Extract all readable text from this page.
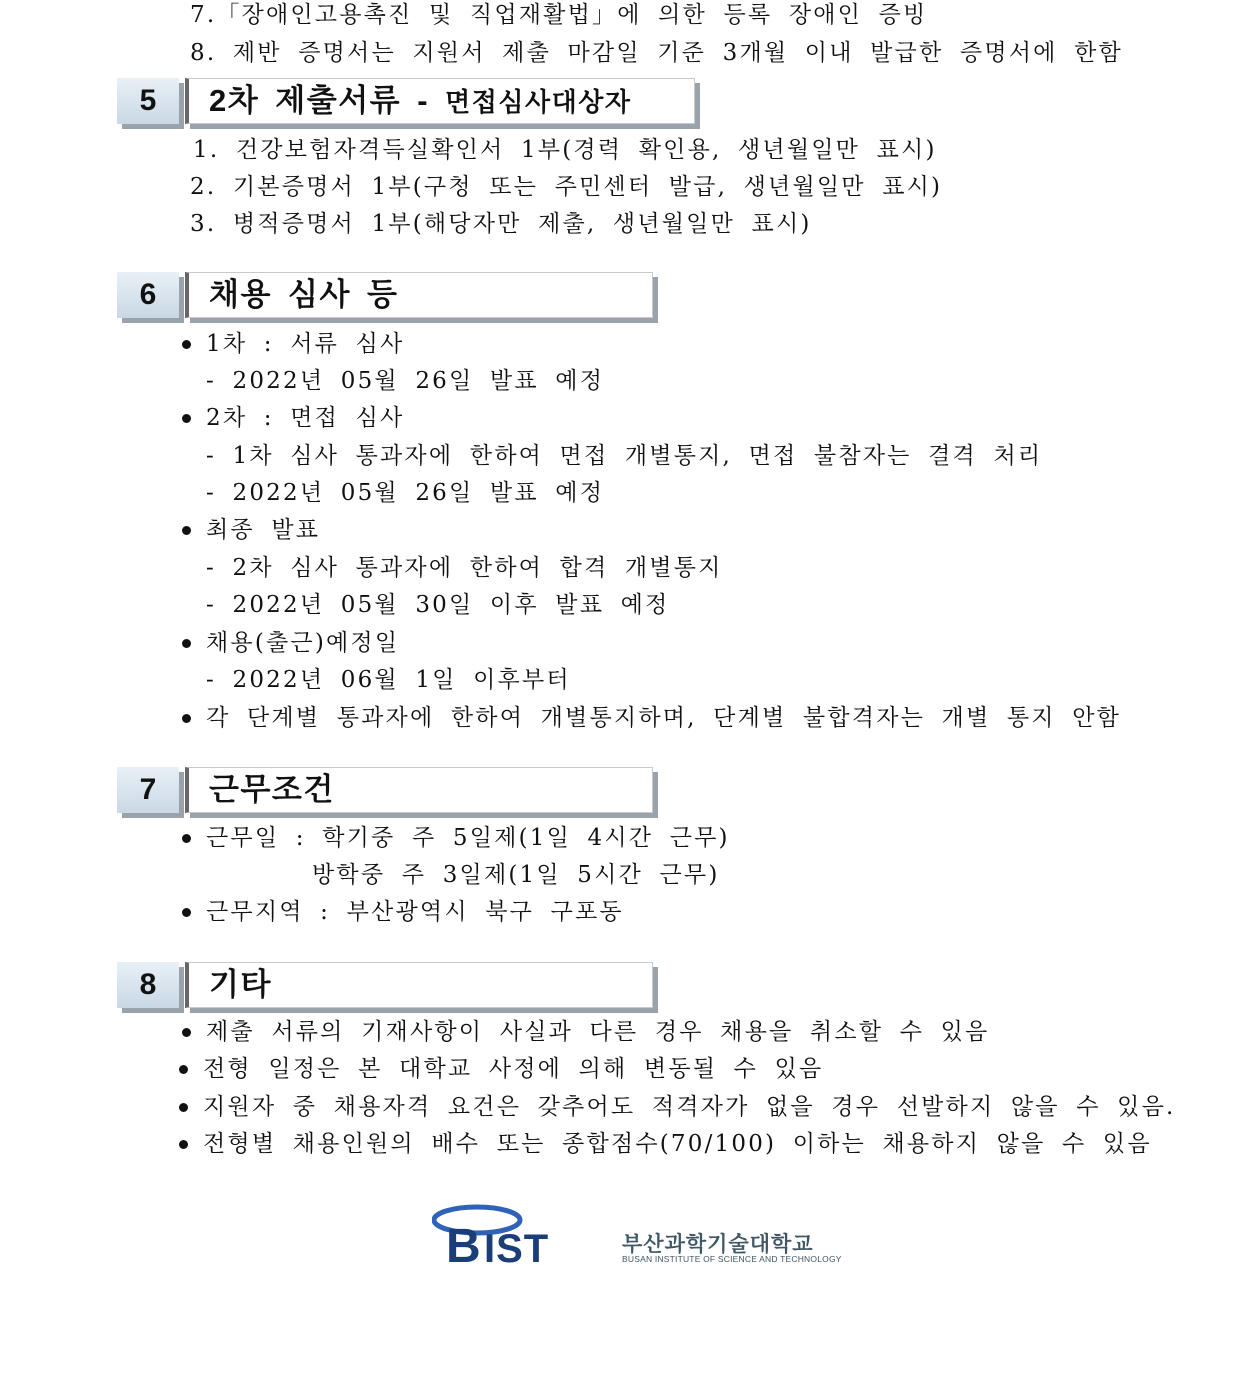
7.「장애인고용촉진 및 직업재활법」에 의한 등록 장애인 증빙
8. 제반 증명서는 지원서 제출 마감일 기준 3개월 이내 발급한 증명서에 한함
5	2차 제출서류 - 면접심사대상자
1. 건강보험자격득실확인서 1부(경력 확인용, 생년월일만 표시)
2. 기본증명서 1부(구청 또는 주민센터 발급, 생년월일만 표시)
3. 병적증명서 1부(해당자만 제출, 생년월일만 표시)
6	채용 심사 등
1차 : 서류 심사
- 2022년 05월 26일 발표 예정
2차 : 면접 심사
- 1차 심사 통과자에 한하여 면접 개별통지, 면접 불참자는 결격 처리
- 2022년 05월 26일 발표 예정
최종 발표
- 2차 심사 통과자에 한하여 합격 개별통지
- 2022년 05월 30일 이후 발표 예정
채용(출근)예정일
- 2022년 06월 1일 이후부터
각 단계별 통과자에 한하여 개별통지하며, 단계별 불합격자는 개별 통지 안함
7	근무조건
근무일 : 학기중 주 5일제(1일 4시간 근무)
방학중 주 3일제(1일 5시간 근무)
근무지역 : 부산광역시 북구 구포동
8	기타
제출 서류의 기재사항이 사실과 다른 경우 채용을 취소할 수 있음
전형 일정은 본 대학교 사정에 의해 변동될 수 있음
지원자 중 채용자격 요건은 갖추어도 적격자가 없을 경우 선발하지 않을 수 있음.
전형별 채용인원의 배수 또는 종합점수(70/100) 이하는 채용하지 않을 수 있음
B IST	부산과학기술대학교
BUSAN INSTITUTE OF SCIENCE AND TECHNOLOGY
